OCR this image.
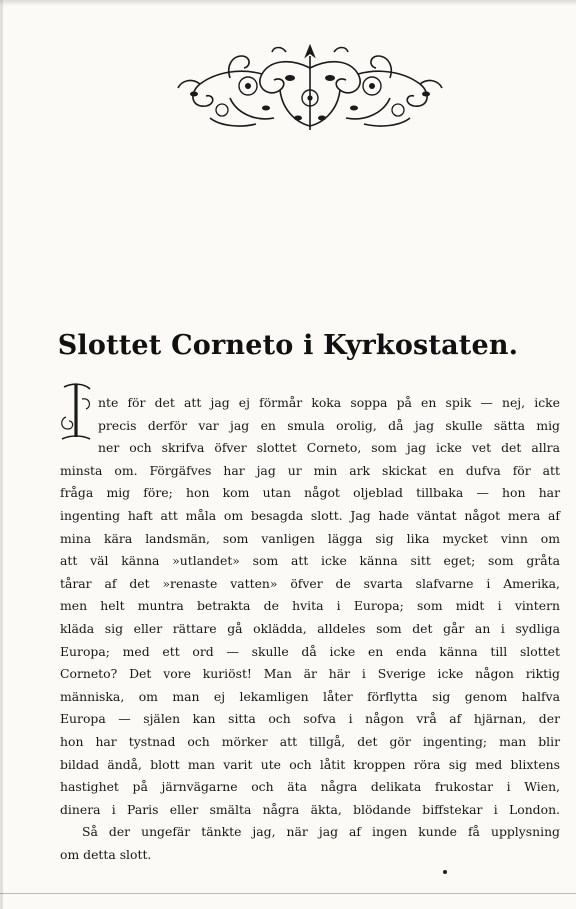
Slottet Corneto i Kyrkostaten.
nte för det att jag ej förmår koka soppa på en spik — nej, icke
precis derför var jag en smula orolig, då jag skulle sätta mig
ner och skrifva öfver slottet Corneto, som jag icke vet det allra
minsta om. Förgäfves har jag ur min ark skickat en dufva för att
fråga mig före; hon kom utan något oljeblad tillbaka — hon har
ingenting haft att måla om besagda slott. Jag hade väntat något mera af
mina kära landsmän, som vanligen lägga sig lika mycket vinn om
att väl känna »utlandet» som att icke känna sitt eget; som gråta
tårar af det »renaste vatten» öfver de svarta slafvarne i Amerika,
men helt muntra betrakta de hvita i Europa; som midt i vintern
kläda sig eller rättare gå okläddа, alldeles som det går an i sydliga
Europa; med ett ord — skulle då icke en enda känna till slottet
Corneto? Det vore kuriöst! Man är här i Sverige icke någon riktig
människa, om man ej lekamligen låter förflytta sig genom halfva
Europa — själen kan sitta och sofva i någon vrå af hjärnan, der
hon har tystnad och mörker att tillgå, det gör ingenting; man blir
bildad ändå, blott man varit ute och låtit kroppen röra sig med blixtens
hastighet på järnvägarne och äta några delikata frukostar i Wien,
dinera i Paris eller smälta några äkta, blödande biffstekar i London.
Så der ungefär tänkte jag, när jag af ingen kunde få upplysning
om detta slott.
